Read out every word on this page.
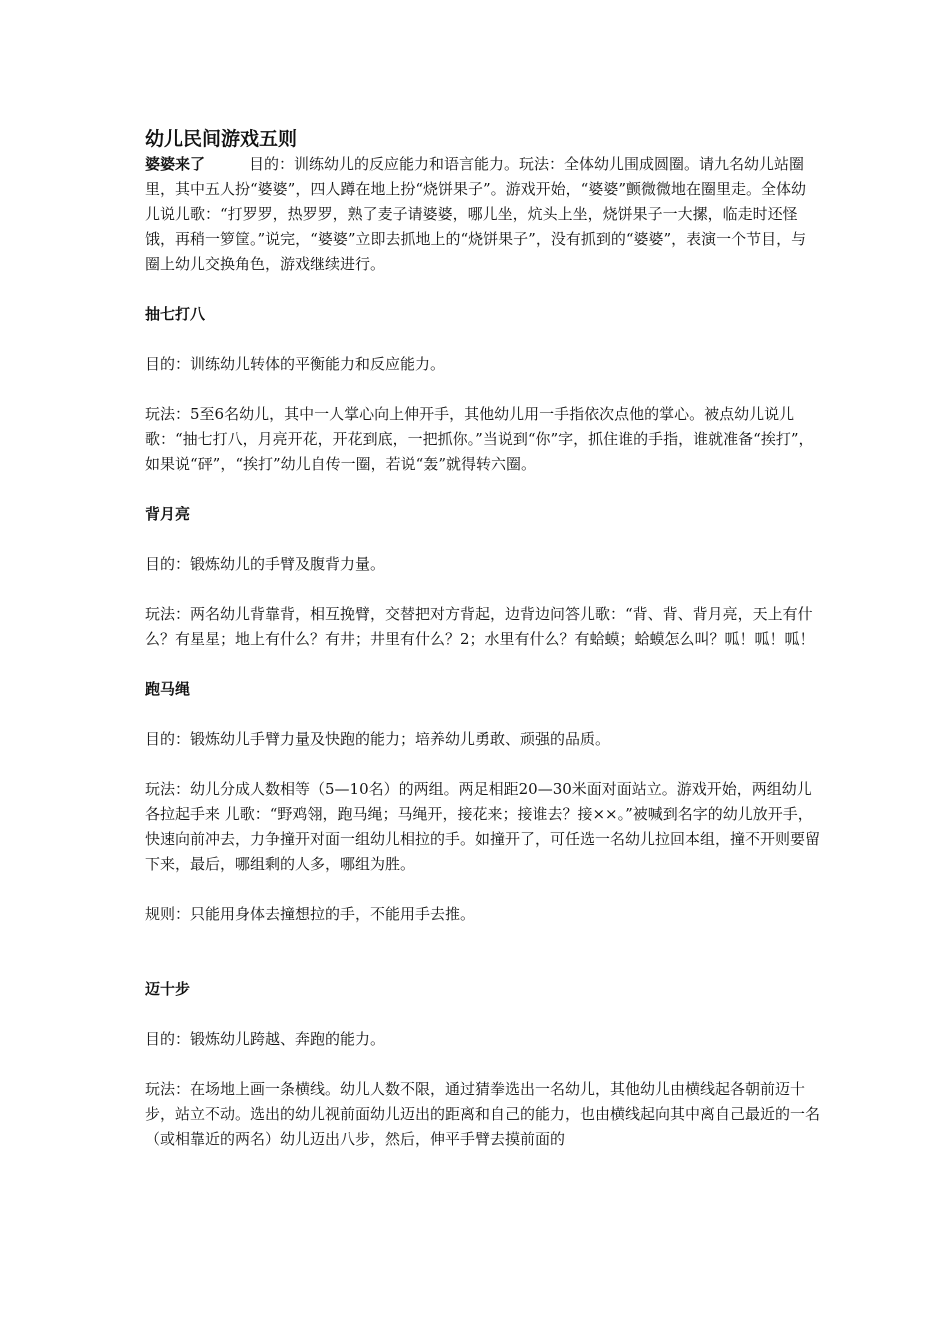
幼儿民间游戏五则

婆婆来了	目的：训练幼儿的反应能力和语言能力。玩法：全体幼儿围成圆圈。请九名幼儿站圈里，其中五人扮“婆婆”，四人蹲在地上扮“烧饼果子”。游戏开始，“婆婆”颤微微地在圈里走。全体幼儿说儿歌：“打罗罗，热罗罗，熟了麦子请婆婆，哪儿坐，炕头上坐，烧饼果子一大摞，临走时还怪饿，再稍一箩筐。”说完，“婆婆”立即去抓地上的“烧饼果子”，没有抓到的“婆婆”，表演一个节目，与圈上幼儿交换角色，游戏继续进行。

抽七打八

目的：训练幼儿转体的平衡能力和反应能力。

玩法：5至6名幼儿，其中一人掌心向上伸开手，其他幼儿用一手指依次点他的掌心。被点幼儿说儿歌：“抽七打八，月亮开花，开花到底，一把抓你。”当说到“你”字，抓住谁的手指，谁就准备“挨打”，如果说“砰”，“挨打”幼儿自传一圈，若说“轰”就得转六圈。

背月亮

目的：锻炼幼儿的手臂及腹背力量。

玩法：两名幼儿背靠背，相互挽臂，交替把对方背起，边背边问答儿歌：“背、背、背月亮，天上有什么？有星星；地上有什么？有井；井里有什么？2；水里有什么？有蛤蟆；蛤蟆怎么叫？呱！呱！呱！

跑马绳

目的：锻炼幼儿手臂力量及快跑的能力；培养幼儿勇敢、顽强的品质。

玩法：幼儿分成人数相等（5—10名）的两组。两足相距20—30米面对面站立。游戏开始，两组幼儿各拉起手来 儿歌：“野鸡翎，跑马绳；马绳开，接花来；接谁去？接××。”被喊到名字的幼儿放开手，快速向前冲去，力争撞开对面一组幼儿相拉的手。如撞开了，可任选一名幼儿拉回本组，撞不开则要留下来，最后，哪组剩的人多，哪组为胜。

规则：只能用身体去撞想拉的手，不能用手去推。

迈十步

目的：锻炼幼儿跨越、奔跑的能力。

玩法：在场地上画一条横线。幼儿人数不限，通过猜拳选出一名幼儿，其他幼儿由横线起各朝前迈十步，站立不动。选出的幼儿视前面幼儿迈出的距离和自己的能力，也由横线起向其中离自己最近的一名（或相靠近的两名）幼儿迈出八步，然后，伸平手臂去摸前面的
